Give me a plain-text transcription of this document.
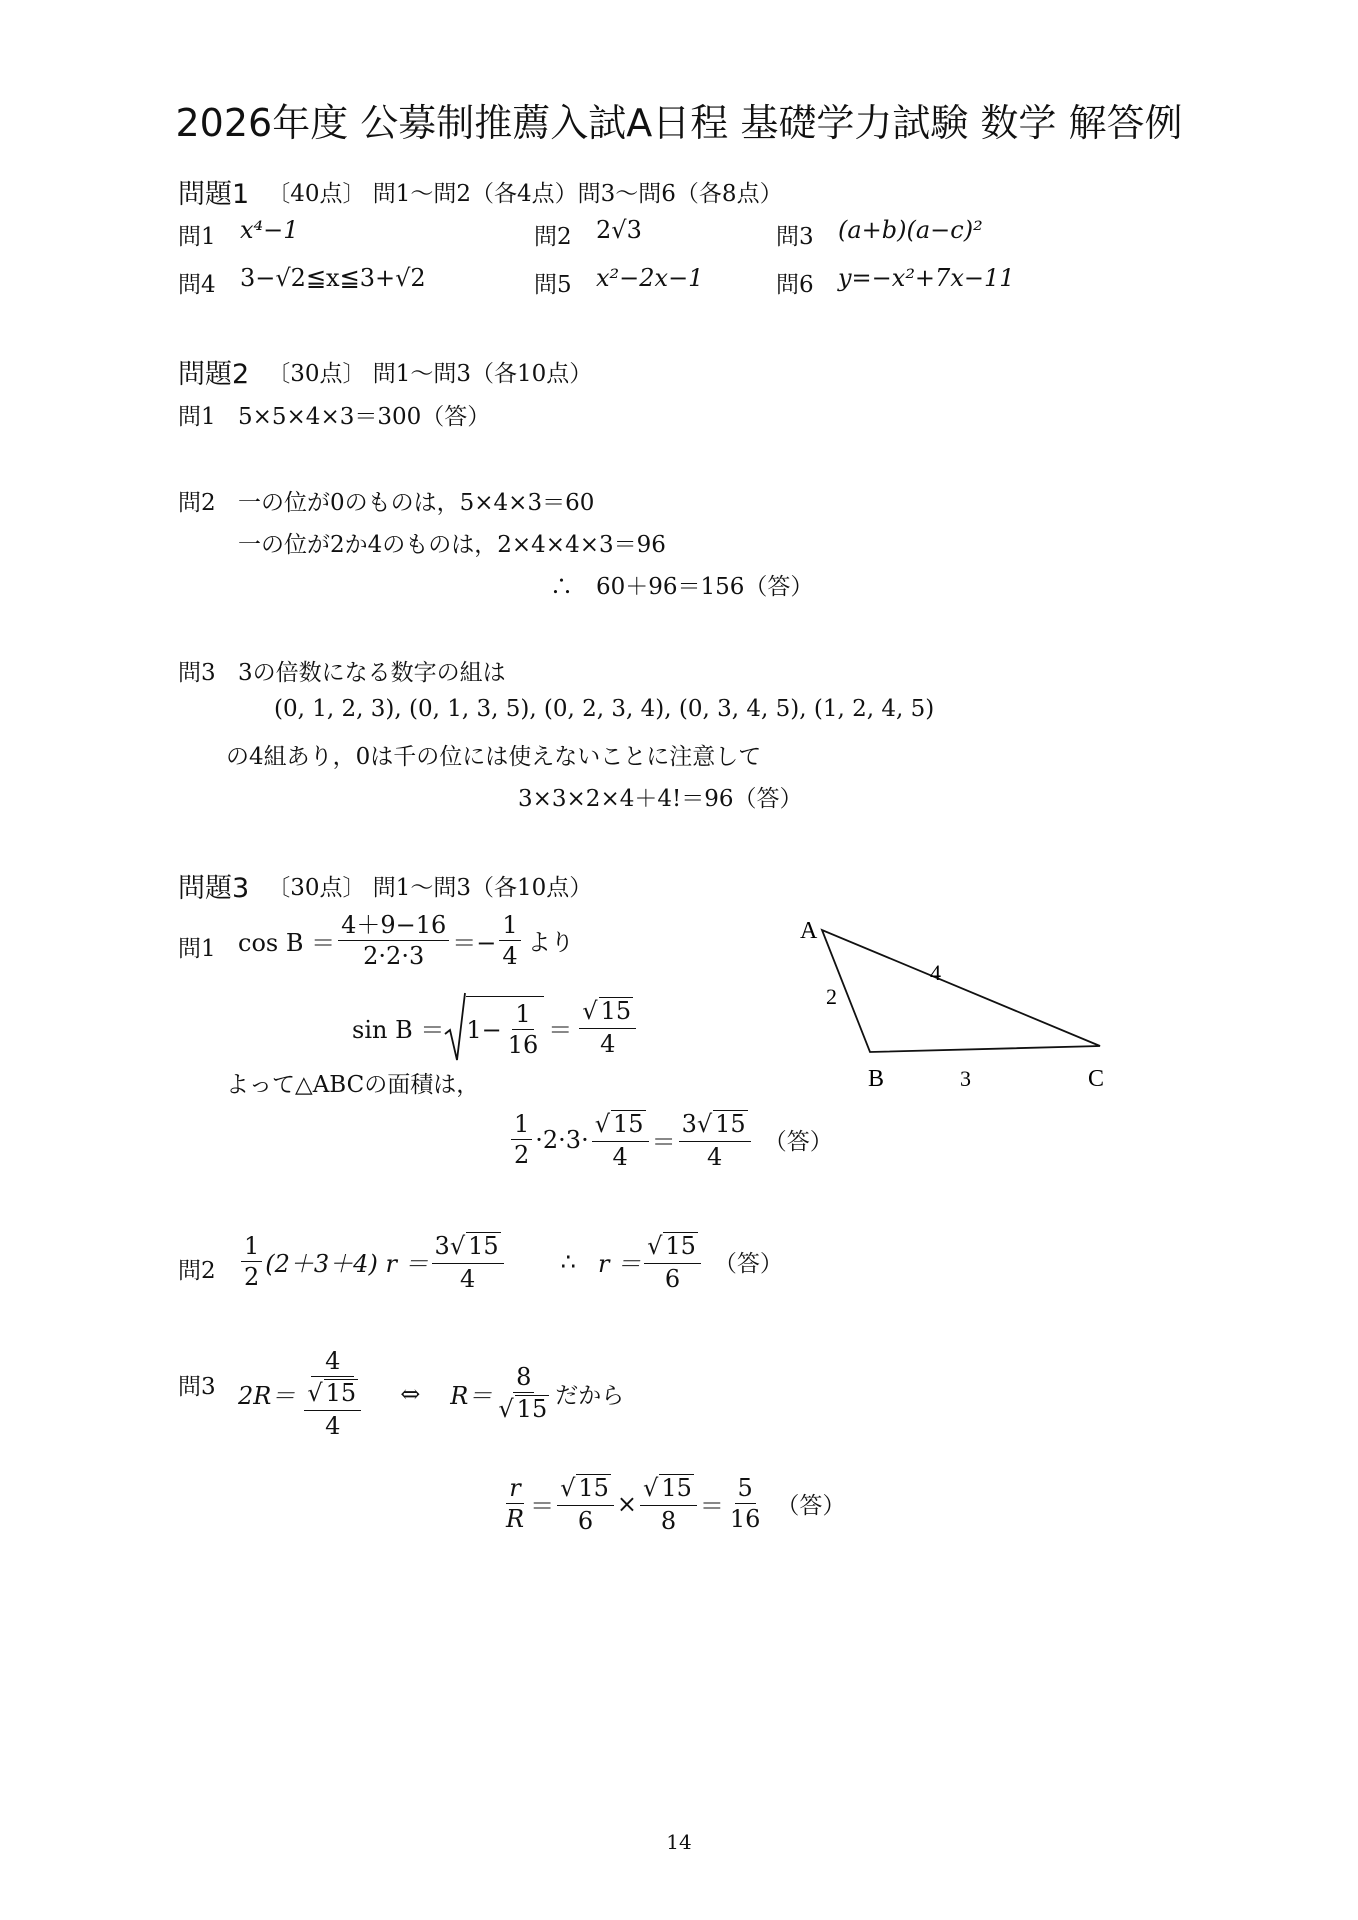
2026年度 公募制推薦入試A日程 基礎学力試験 数学 解答例
問題1 〔40点〕 問1～問2（各4点）問3～問6（各8点）
問1 x⁴−1	問2 2√3	問3 (a+b)(a−c)²
問4 3−√2≦x≦3+√2	問5 x²−2x−1	問6 y=−x²+7x−11
問題2 〔30点〕 問1～問3（各10点）
問1 5×5×4×3＝300（答）
問2 一の位が0のものは，5×4×3＝60
一の位が2か4のものは，2×4×4×3＝96
∴　60＋96＝156（答）
問3 3の倍数になる数字の組は
(0, 1, 2, 3), (0, 1, 3, 5), (0, 2, 3, 4), (0, 3, 4, 5), (1, 2, 4, 5)
の4組あり，0は千の位には使えないことに注意して
3×3×2×4＋4!＝96（答）
問題3 〔30点〕 問1～問3（各10点）
問1 $\cos B = \frac{4+9-16}{2\cdot 2\cdot 3} =- \frac{1}{4}$ より
$\sin B = 1- \frac{1}{16} = \frac{√ 15}{4}$
よって△ABCの面積は，
$\frac{1}{2} \cdot 2\cdot 3\cdot \frac{√ 15}{4} = \frac{3√ 15}{4}$ （答）
A
B	C
2
4
3
問$2 \frac{1}{2} (2+3+4) r = \frac{3√ 15}{4}$ ∴ $r = \frac{√ 15}{6}$ （答）
問3 $2R= \frac{4}{\frac{√ 15}{4}}$ ⇔ $R= \frac{8}{√ 15}$ だから
$\frac{r}{R} = \frac{√ 15}{6} \times \frac{√ 15}{8} = \frac{5}{16}$ （答）
14
